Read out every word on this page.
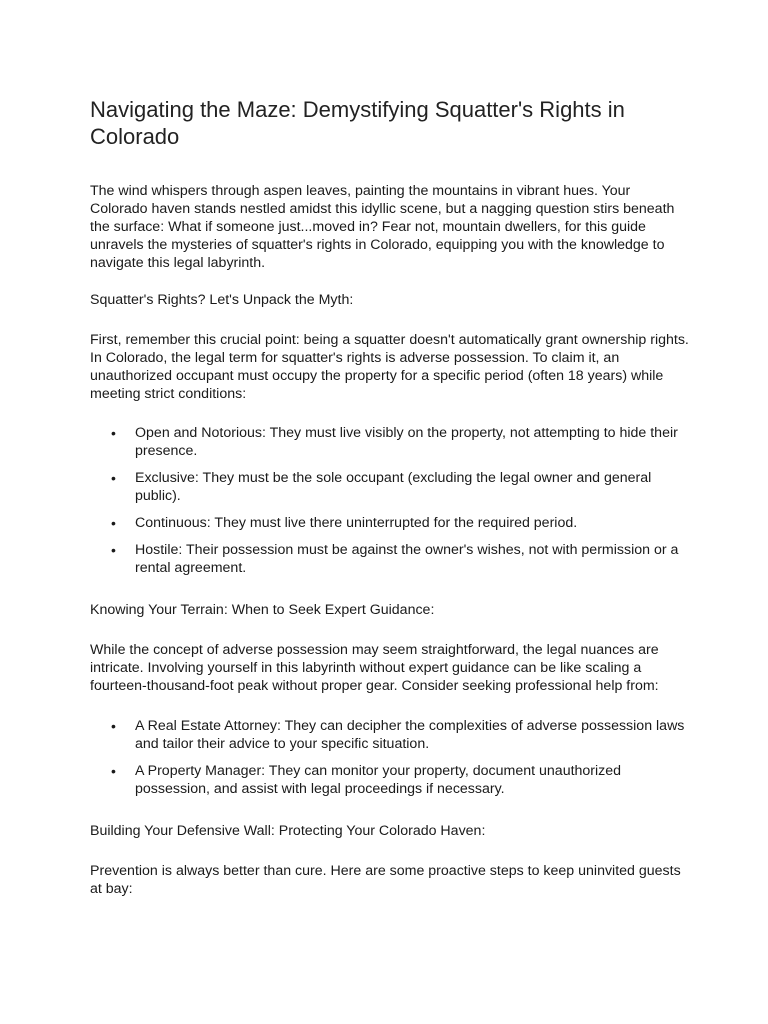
Navigating the Maze: Demystifying Squatter's Rights in Colorado

The wind whispers through aspen leaves, painting the mountains in vibrant hues. Your Colorado haven stands nestled amidst this idyllic scene, but a nagging question stirs beneath the surface: What if someone just...moved in? Fear not, mountain dwellers, for this guide unravels the mysteries of squatter's rights in Colorado, equipping you with the knowledge to navigate this legal labyrinth.

Squatter's Rights? Let's Unpack the Myth:

First, remember this crucial point: being a squatter doesn't automatically grant ownership rights. In Colorado, the legal term for squatter's rights is adverse possession. To claim it, an unauthorized occupant must occupy the property for a specific period (often 18 years) while meeting strict conditions:

• Open and Notorious: They must live visibly on the property, not attempting to hide their presence.
• Exclusive: They must be the sole occupant (excluding the legal owner and general public).
• Continuous: They must live there uninterrupted for the required period.
• Hostile: Their possession must be against the owner's wishes, not with permission or a rental agreement.

Knowing Your Terrain: When to Seek Expert Guidance:

While the concept of adverse possession may seem straightforward, the legal nuances are intricate. Involving yourself in this labyrinth without expert guidance can be like scaling a fourteen-thousand-foot peak without proper gear. Consider seeking professional help from:

• A Real Estate Attorney: They can decipher the complexities of adverse possession laws and tailor their advice to your specific situation.
• A Property Manager: They can monitor your property, document unauthorized possession, and assist with legal proceedings if necessary.

Building Your Defensive Wall: Protecting Your Colorado Haven:

Prevention is always better than cure. Here are some proactive steps to keep uninvited guests at bay:
